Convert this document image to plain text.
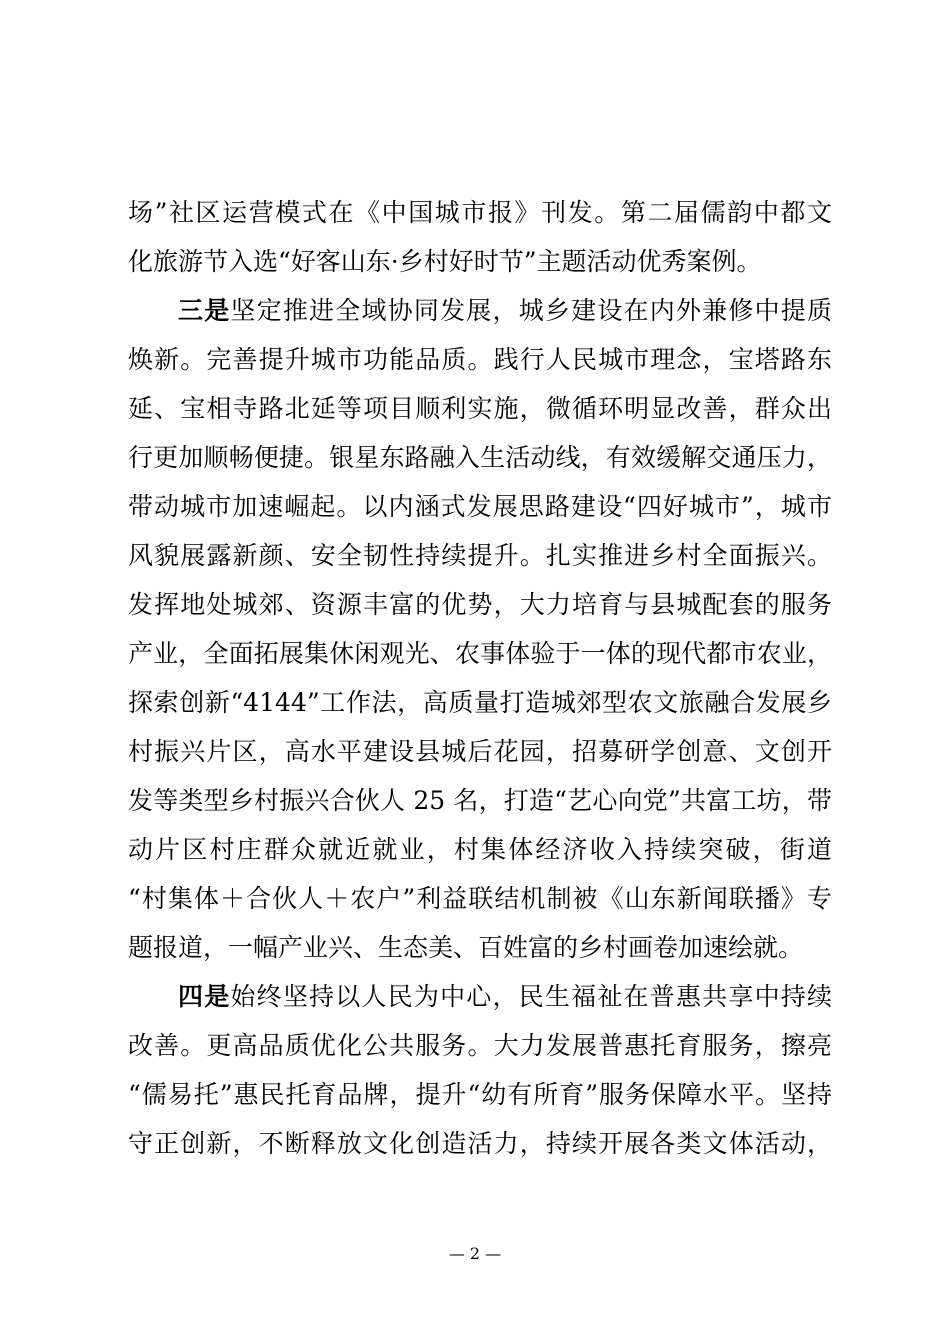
场”社区运营模式在《中国城市报》刊发。第二届儒韵中都文
化旅游节入选“好客山东·乡村好时节”主题活动优秀案例。
三是坚定推进全域协同发展，城乡建设在内外兼修中提质
焕新。完善提升城市功能品质。践行人民城市理念，宝塔路东
延、宝相寺路北延等项目顺利实施，微循环明显改善，群众出
行更加顺畅便捷。银星东路融入生活动线，有效缓解交通压力，
带动城市加速崛起。以内涵式发展思路建设“四好城市”，城市
风貌展露新颜、安全韧性持续提升。扎实推进乡村全面振兴。
发挥地处城郊、资源丰富的优势，大力培育与县城配套的服务
产业，全面拓展集休闲观光、农事体验于一体的现代都市农业，
探索创新“4144”工作法，高质量打造城郊型农文旅融合发展乡
村振兴片区，高水平建设县城后花园，招募研学创意、文创开
发等类型乡村振兴合伙人 25 名，打造“艺心向党”共富工坊，带
动片区村庄群众就近就业，村集体经济收入持续突破，街道
“村集体＋合伙人＋农户”利益联结机制被《山东新闻联播》专
题报道，一幅产业兴、生态美、百姓富的乡村画卷加速绘就。
四是始终坚持以人民为中心，民生福祉在普惠共享中持续
改善。更高品质优化公共服务。大力发展普惠托育服务，擦亮
“儒易托”惠民托育品牌，提升“幼有所育”服务保障水平。坚持
守正创新，不断释放文化创造活力，持续开展各类文体活动，
— 2 —
